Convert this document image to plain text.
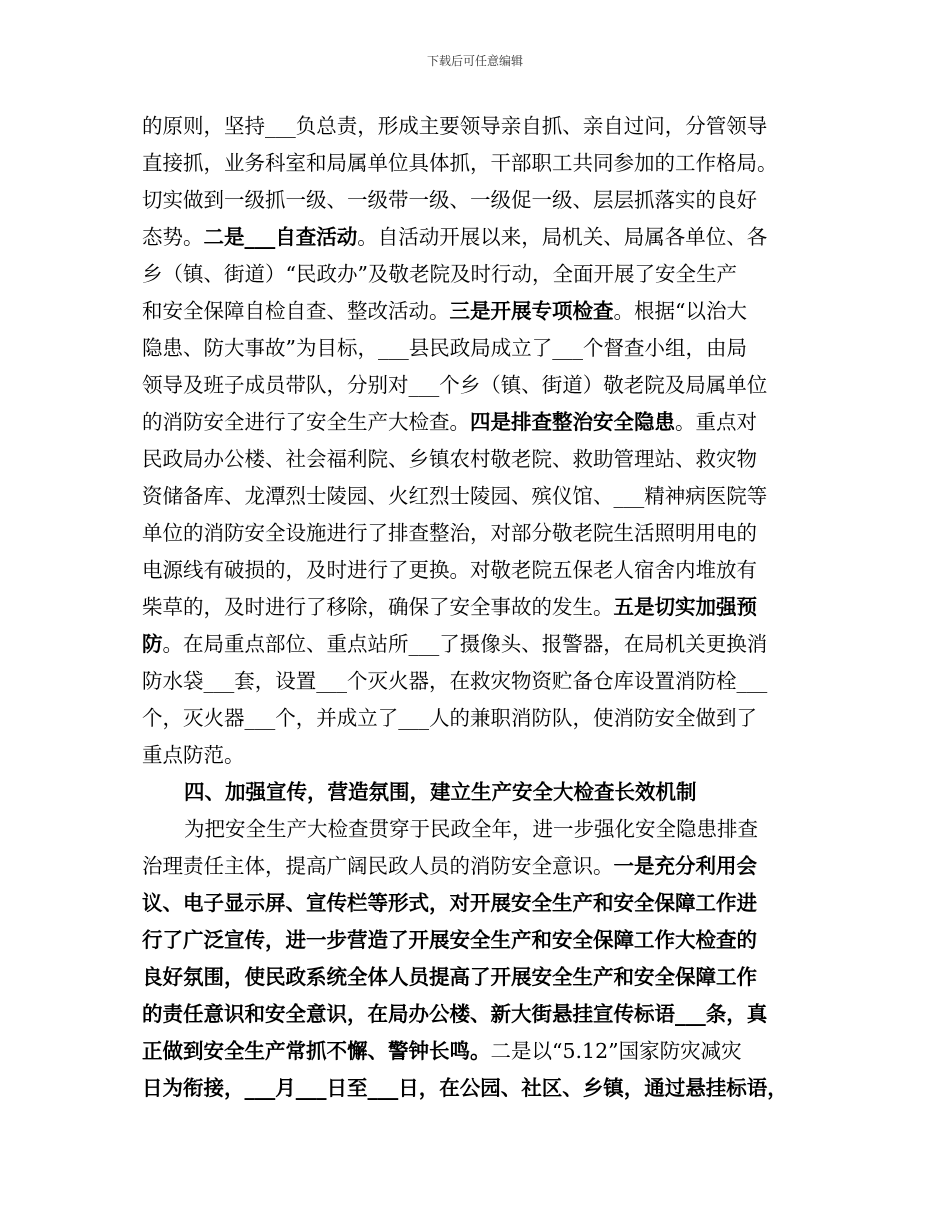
下载后可任意编辑
的原则，坚持___负总责，形成主要领导亲自抓、亲自过问，分管领导
直接抓，业务科室和局属单位具体抓，干部职工共同参加的工作格局。
切实做到一级抓一级、一级带一级、一级促一级、层层抓落实的良好
态势。二是___自查活动。自活动开展以来，局机关、局属各单位、各
乡（镇、街道）“民政办”及敬老院及时行动，全面开展了安全生产
和安全保障自检自查、整改活动。三是开展专项检查。根据“以治大
隐患、防大事故”为目标，___县民政局成立了___个督查小组，由局
领导及班子成员带队，分别对___个乡（镇、街道）敬老院及局属单位
的消防安全进行了安全生产大检查。四是排查整治安全隐患。重点对
民政局办公楼、社会福利院、乡镇农村敬老院、救助管理站、救灾物
资储备库、龙潭烈士陵园、火红烈士陵园、殡仪馆、___精神病医院等
单位的消防安全设施进行了排查整治，对部分敬老院生活照明用电的
电源线有破损的，及时进行了更换。对敬老院五保老人宿舍内堆放有
柴草的，及时进行了移除，确保了安全事故的发生。五是切实加强预
防。在局重点部位、重点站所___了摄像头、报警器，在局机关更换消
防水袋___套，设置___个灭火器，在救灾物资贮备仓库设置消防栓___
个，灭火器___个，并成立了___人的兼职消防队，使消防安全做到了
重点防范。
四、加强宣传，营造氛围，建立生产安全大检查长效机制
为把安全生产大检查贯穿于民政全年，进一步强化安全隐患排查
治理责任主体，提高广阔民政人员的消防安全意识。一是充分利用会
议、电子显示屏、宣传栏等形式，对开展安全生产和安全保障工作进
行了广泛宣传，进一步营造了开展安全生产和安全保障工作大检查的
良好氛围，使民政系统全体人员提高了开展安全生产和安全保障工作
的责任意识和安全意识，在局办公楼、新大街悬挂宣传标语___条，真
正做到安全生产常抓不懈、警钟长鸣。二是以“5.12”国家防灾减灾
日为衔接，___月___日至___日，在公园、社区、乡镇，通过悬挂标语，
